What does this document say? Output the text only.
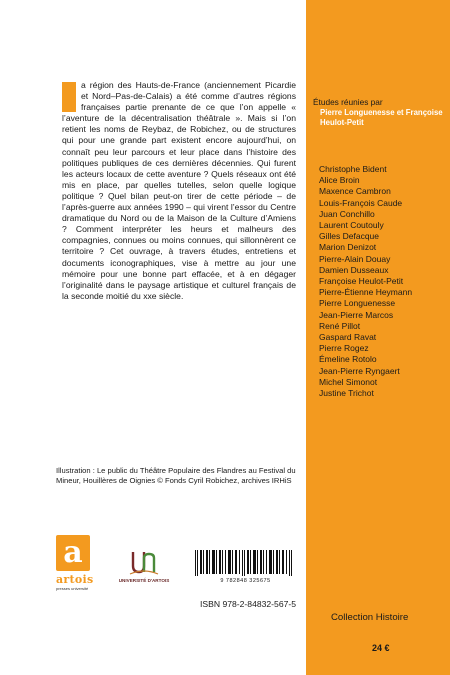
a région des Hauts-de-France (anciennement Picardie et Nord–Pas-de-Calais) a été comme d’autres régions françaises partie prenante de ce que l’on appelle « l’aventure de la décentralisation théâtrale ». Mais si l’on retient les noms de Reybaz, de Robichez, ou de structures qui pour une grande part existent encore aujourd’hui, on connaît peu leur parcours et leur place dans l’histoire des politiques publiques de ces dernières décennies. Qui furent les acteurs locaux de cette aventure ? Quels réseaux ont été mis en place, par quelles tutelles, selon quelle logique politique ? Quel bilan peut-on tirer de cette période – de l’après-guerre aux années 1990 – qui virent l’essor du Centre dramatique du Nord ou de la Maison de la Culture d’Amiens ? Comment interpréter les heurs et malheurs des compagnies, connues ou moins connues, qui sillonnèrent ce territoire ? Cet ouvrage, à travers études, entretiens et documents iconographiques, vise à mettre au jour une mémoire pour une bonne part effacée, et à en dégager l’originalité dans le paysage artistique et culturel français de la seconde moitié du xxe siècle.

Illustration : Le public du Théâtre Populaire des Flandres au Festival du Mineur, Houillères de Oignies © Fonds Cyril Robichez, archives IRHiS
a
artois
presses université
UNIVERSITÉ D'ARTOIS	9 782848 325675
ISBN 978-2-84832-567-5
Études réunies par
Pierre Longuenesse et Françoise Heulot-Petit
Christophe Bident
Alice Broin
Maxence Cambron
Louis-François Caude
Juan Conchillo
Laurent Coutouly
Gilles Defacque
Marion Denizot
Pierre-Alain Douay
Damien Dusseaux
Françoise Heulot-Petit
Pierre-Étienne Heymann
Pierre Longuenesse
Jean-Pierre Marcos
René Pillot
Gaspard Ravat
Pierre Rogez
Émeline Rotolo
Jean-Pierre Ryngaert
Michel Simonot
Justine Trichot
Collection Histoire
24 €
